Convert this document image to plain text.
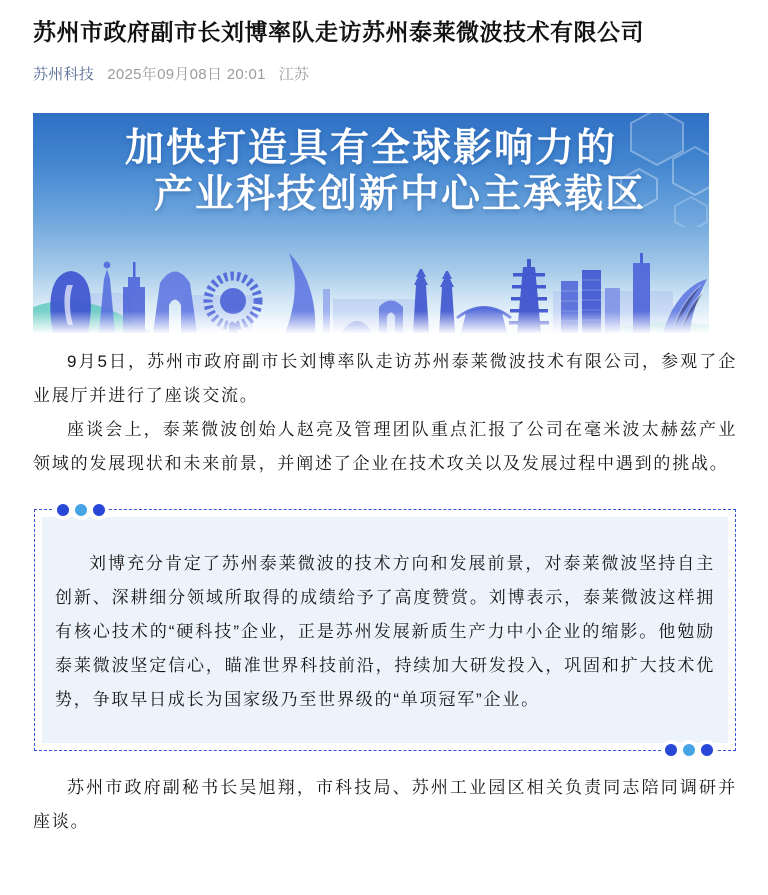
苏州市政府副市长刘博率队走访苏州泰莱微波技术有限公司
苏州科技 2025年09月08日 20:01 江苏
加快打造具有全球影响力的
产业科技创新中心主承载区

9月5日，苏州市政府副市长刘博率队走访苏州泰莱微波技术有限公司，参观了企业展厅并进行了座谈交流。

座谈会上，泰莱微波创始人赵亮及管理团队重点汇报了公司在毫米波太赫兹产业领域的发展现状和未来前景，并阐述了企业在技术攻关以及发展过程中遇到的挑战。

刘博充分肯定了苏州泰莱微波的技术方向和发展前景，对泰莱微波坚持自主创新、深耕细分领域所取得的成绩给予了高度赞赏。刘博表示，泰莱微波这样拥有核心技术的“硬科技”企业，正是苏州发展新质生产力中小企业的缩影。他勉励泰莱微波坚定信心，瞄准世界科技前沿，持续加大研发投入，巩固和扩大技术优势，争取早日成长为国家级乃至世界级的“单项冠军”企业。

苏州市政府副秘书长吴旭翔，市科技局、苏州工业园区相关负责同志陪同调研并座谈。
